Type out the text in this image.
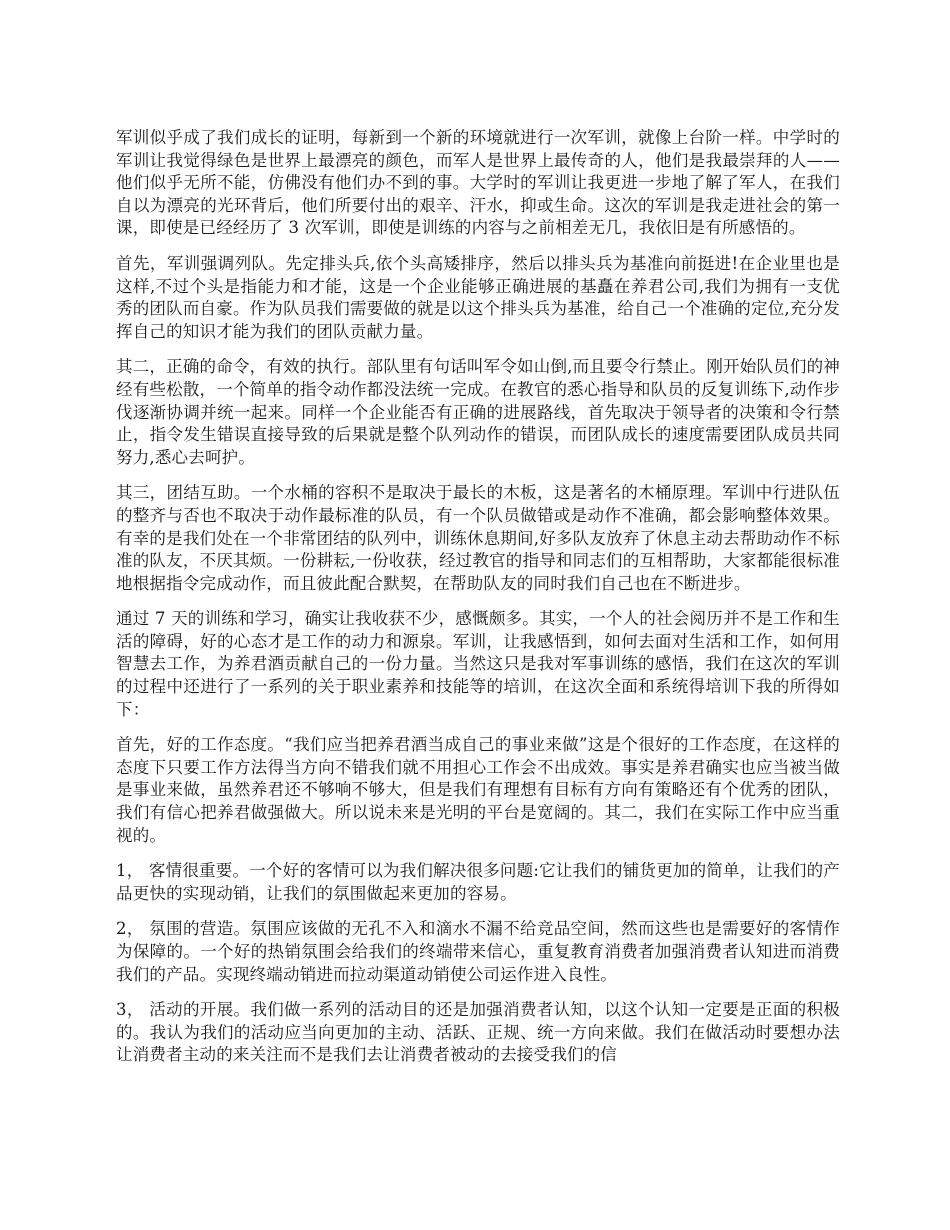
军训似乎成了我们成长的证明，每新到一个新的环境就进行一次军训，就像上台阶一样。中学时的军训让我觉得绿色是世界上最漂亮的颜色，而军人是世界上最传奇的人，他们是我最崇拜的人——他们似乎无所不能，仿佛没有他们办不到的事。大学时的军训让我更进一步地了解了军人，在我们自以为漂亮的光环背后，他们所要付出的艰辛、汗水，抑或生命。这次的军训是我走进社会的第一课，即使是已经经历了 3 次军训，即使是训练的内容与之前相差无几，我依旧是有所感悟的。

首先，军训强调列队。先定排头兵,依个头高矮排序，然后以排头兵为基准向前挺进!在企业里也是这样,不过个头是指能力和才能，这是一个企业能够正确进展的基矗在养君公司,我们为拥有一支优秀的团队而自豪。作为队员我们需要做的就是以这个排头兵为基准，给自己一个准确的定位,充分发挥自己的知识才能为我们的团队贡献力量。

其二，正确的命令，有效的执行。部队里有句话叫军令如山倒,而且要令行禁止。刚开始队员们的神经有些松散，一个简单的指令动作都没法统一完成。在教官的悉心指导和队员的反复训练下,动作步伐逐渐协调并统一起来。同样一个企业能否有正确的进展路线，首先取决于领导者的决策和令行禁止，指令发生错误直接导致的后果就是整个队列动作的错误，而团队成长的速度需要团队成员共同努力,悉心去呵护。

其三，团结互助。一个水桶的容积不是取决于最长的木板，这是著名的木桶原理。军训中行进队伍的整齐与否也不取决于动作最标准的队员，有一个队员做错或是动作不准确，都会影响整体效果。有幸的是我们处在一个非常团结的队列中，训练休息期间,好多队友放弃了休息主动去帮助动作不标准的队友，不厌其烦。一份耕耘,一份收获，经过教官的指导和同志们的互相帮助，大家都能很标准地根据指令完成动作，而且彼此配合默契，在帮助队友的同时我们自己也在不断进步。

通过 7 天的训练和学习，确实让我收获不少，感慨颇多。其实，一个人的社会阅历并不是工作和生活的障碍，好的心态才是工作的动力和源泉。军训，让我感悟到，如何去面对生活和工作，如何用智慧去工作，为养君酒贡献自己的一份力量。当然这只是我对军事训练的感悟，我们在这次的军训的过程中还进行了一系列的关于职业素养和技能等的培训，在这次全面和系统得培训下我的所得如下：

首先，好的工作态度。“我们应当把养君酒当成自己的事业来做”这是个很好的工作态度，在这样的态度下只要工作方法得当方向不错我们就不用担心工作会不出成效。事实是养君确实也应当被当做是事业来做，虽然养君还不够响不够大，但是我们有理想有目标有方向有策略还有个优秀的团队，我们有信心把养君做强做大。所以说未来是光明的平台是宽阔的。其二，我们在实际工作中应当重视的。

1， 客情很重要。一个好的客情可以为我们解决很多问题:它让我们的铺货更加的简单，让我们的产品更快的实现动销，让我们的氛围做起来更加的容易。

2， 氛围的营造。氛围应该做的无孔不入和滴水不漏不给竞品空间，然而这些也是需要好的客情作为保障的。一个好的热销氛围会给我们的终端带来信心，重复教育消费者加强消费者认知进而消费我们的产品。实现终端动销进而拉动渠道动销使公司运作进入良性。

3， 活动的开展。我们做一系列的活动目的还是加强消费者认知，以这个认知一定要是正面的积极的。我认为我们的活动应当向更加的主动、活跃、正规、统一方向来做。我们在做活动时要想办法让消费者主动的来关注而不是我们去让消费者被动的去接受我们的信
